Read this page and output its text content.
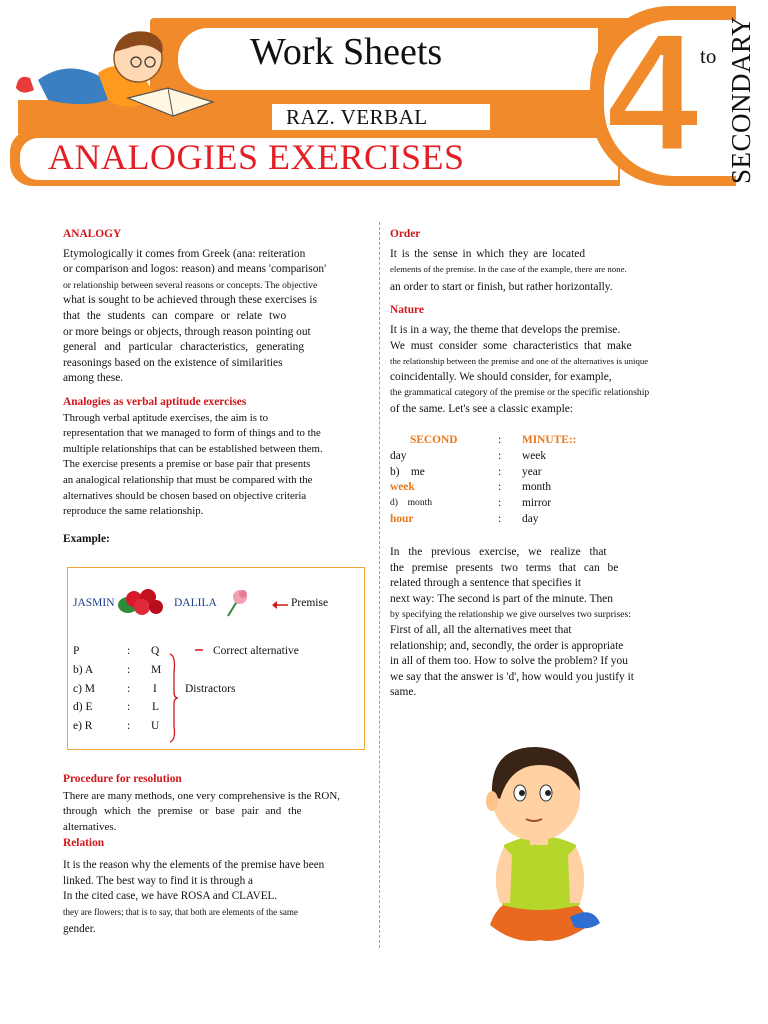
Work Sheets
RAZ. VERBAL
ANALOGIES EXERCISES 4 to SECONDARY
ANALOGY
Etymologically it comes from Greek (ana: reiteration
or comparison and logos: reason) and means 'comparison'
or relationship between several reasons or concepts. The objective
what is sought to be achieved through these exercises is
that the students can compare or relate two
or more beings or objects, through reason pointing out
general and particular characteristics, generating
reasonings based on the existence of similarities
among these.
Analogies as verbal aptitude exercises
Through verbal aptitude exercises, the aim is to
representation that we managed to form of things and to the
multiple relationships that can be established between them.
The exercise presents a premise or base pair that presents
an analogical relationship that must be compared with the
alternatives should be chosen based on objective criteria
reproduce the same relationship.
Example:
JASMIN	DALILA	Premise
P	: Q	Correct alternative
b) A	: M
c) M	: I
d) E	: L
e) R	: U
Distractors
Procedure for resolution
There are many methods, one very comprehensive is the RON,
through which the premise or base pair and the
alternatives.
Relation
It is the reason why the elements of the premise have been
linked. The best way to find it is through a
In the cited case, we have ROSA and CLAVEL.
they are flowers; that is to say, that both are elements of the same
gender.
Order
It is the sense in which they are located
elements of the premise. In the case of the example, there are none.
an order to start or finish, but rather horizontally.
Nature
It is in a way, the theme that develops the premise.
We must consider some characteristics that make
the relationship between the premise and one of the alternatives is unique
coincidentally. We should consider, for example,
the grammatical category of the premise or the specific relationship
of the same. Let's see a classic example:
SECOND	: MINUTE::
day	: week
b)    me	: year
week	: month
d)    month	: mirror
hour	: day
In the previous exercise, we realize that
the premise presents two terms that can be
related through a sentence that specifies it
next way: The second is part of the minute. Then
by specifying the relationship we give ourselves two surprises:
First of all, all the alternatives meet that
relationship; and, secondly, the order is appropriate
in all of them too. How to solve the problem? If you
we say that the answer is 'd', how would you justify it
same.
